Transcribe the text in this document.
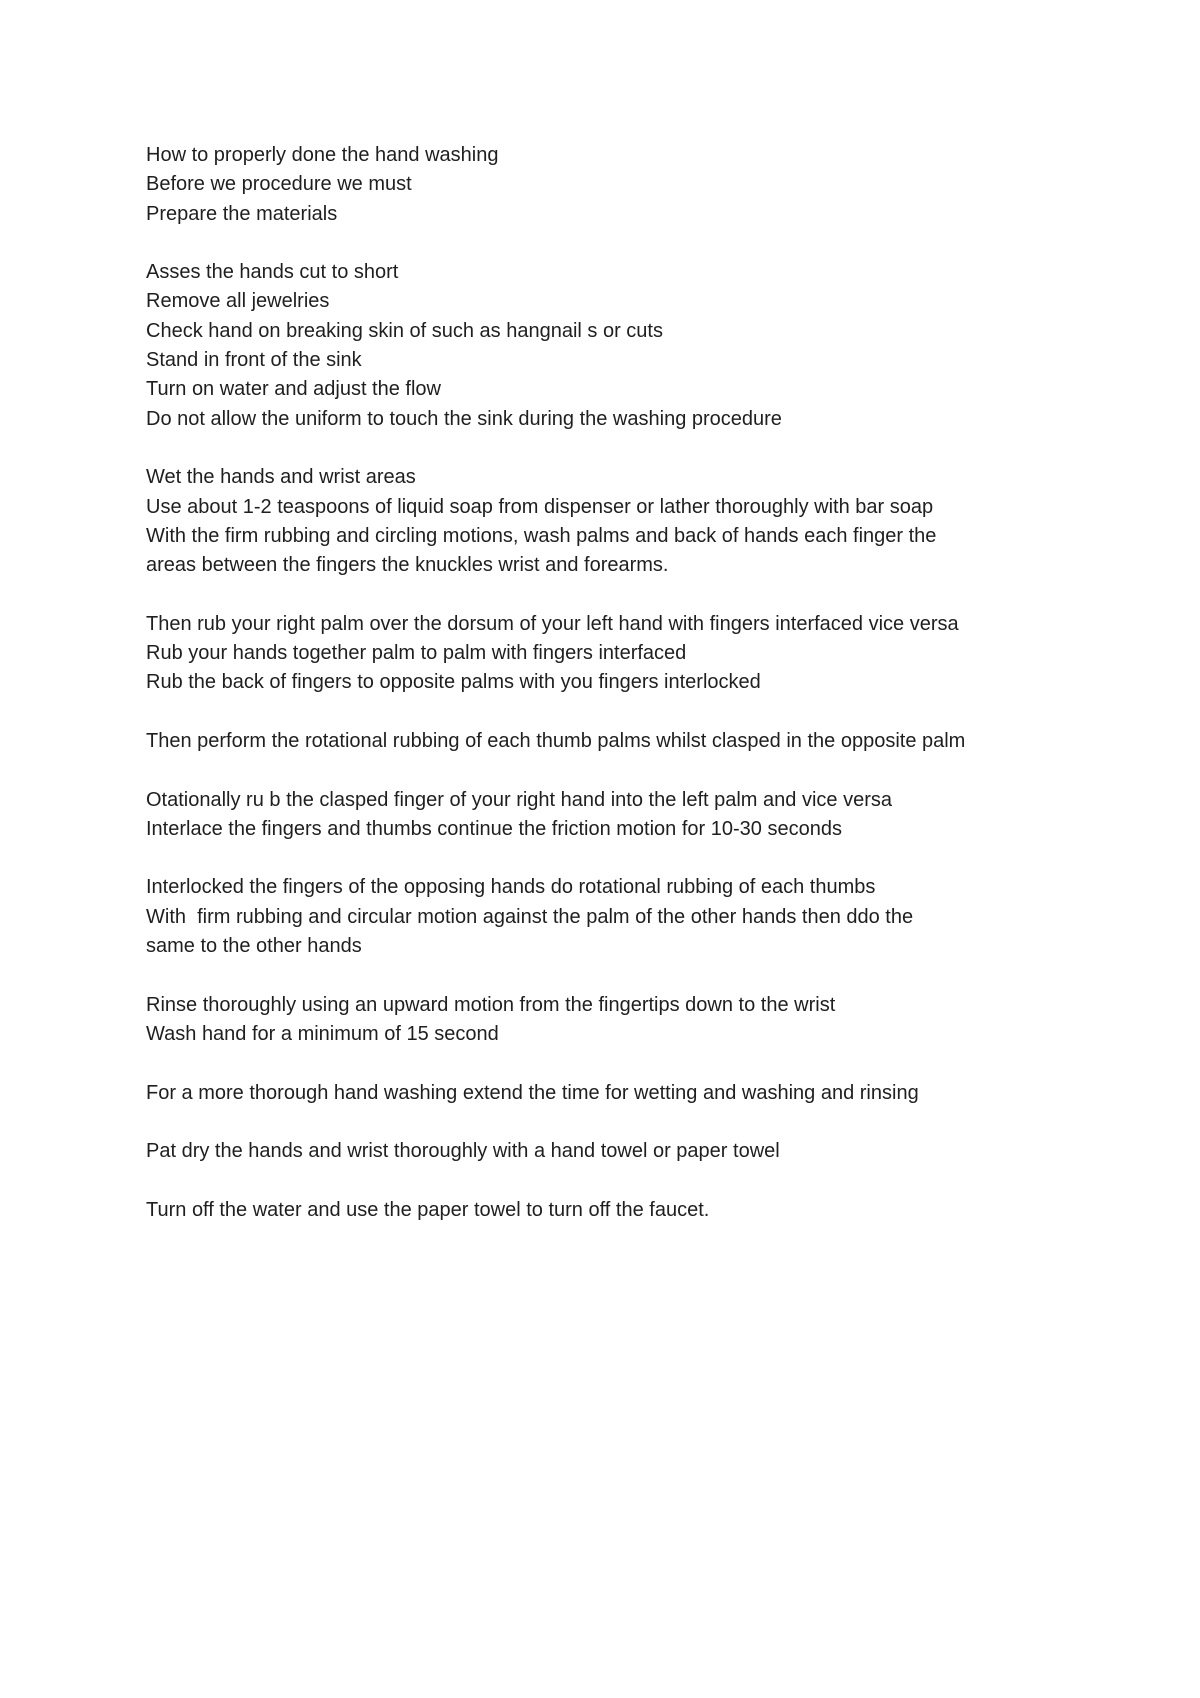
How to properly done the hand washing
Before we procedure we must
Prepare the materials
Asses the hands cut to short
Remove all jewelries
Check hand on breaking skin of such as hangnail s or cuts
Stand in front of the sink
Turn on water and adjust the flow
Do not allow the uniform to touch the sink during the washing procedure
Wet the hands and wrist areas
Use about 1-2 teaspoons of liquid soap from dispenser or lather thoroughly with bar soap
With the firm rubbing and circling motions, wash palms and back of hands each finger the
areas between the fingers the knuckles wrist and forearms.
Then rub your right palm over the dorsum of your left hand with fingers interfaced vice versa
Rub your hands together palm to palm with fingers interfaced
Rub the back of fingers to opposite palms with you fingers interlocked
Then perform the rotational rubbing of each thumb palms whilst clasped in the opposite palm
Otationally ru b the clasped finger of your right hand into the left palm and vice versa
Interlace the fingers and thumbs continue the friction motion for 10-30 seconds
Interlocked the fingers of the opposing hands do rotational rubbing of each thumbs
With  firm rubbing and circular motion against the palm of the other hands then ddo the
same to the other hands
Rinse thoroughly using an upward motion from the fingertips down to the wrist
Wash hand for a minimum of 15 second
For a more thorough hand washing extend the time for wetting and washing and rinsing
Pat dry the hands and wrist thoroughly with a hand towel or paper towel
Turn off the water and use the paper towel to turn off the faucet.
